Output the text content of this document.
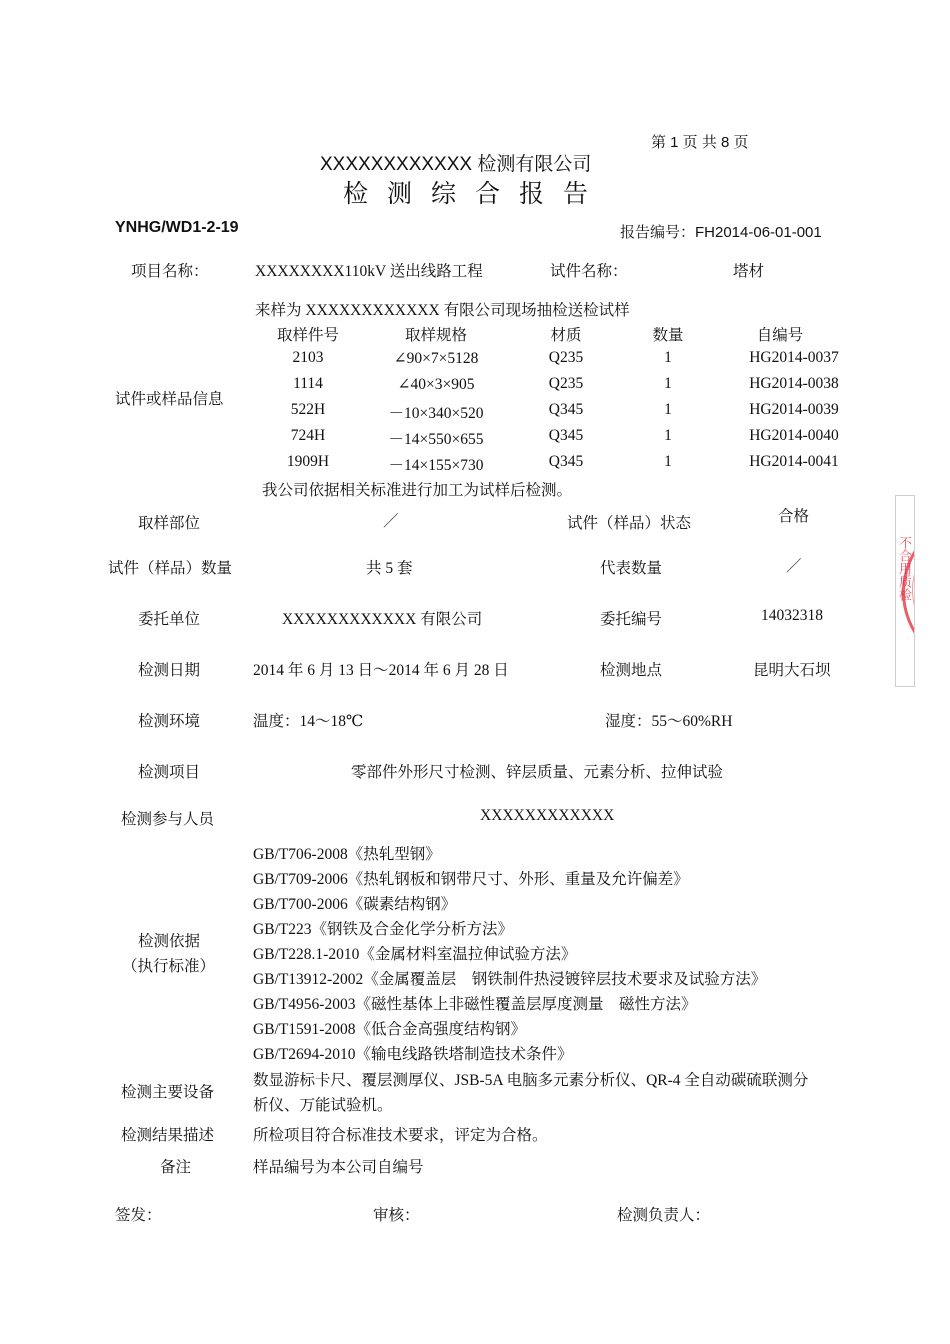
第 1 页 共 8 页
XXXXXXXXXXXX 检测有限公司
检测综合报告
YNHG/WD1-2-19	报告编号：FH2014-06-01-001
项目名称：	XXXXXXXX110kV 送出线路工程	试件名称：	塔材
来样为 XXXXXXXXXXXX 有限公司现场抽检送检试样
试件或样品信息
取样件号	取样规格	材质	数量	自编号
2103	∠90×7×5128	Q235	1	HG2014-0037
1114	∠40×3×905	Q235	1	HG2014-0038
522H	－10×340×520	Q345	1	HG2014-0039
724H	－14×550×655	Q345	1	HG2014-0040
1909H	－14×155×730	Q345	1	HG2014-0041
我公司依据相关标准进行加工为试样后检测。
取样部位	／	试件（样品）状态	合格
试件（样品）数量	共 5 套	代表数量	／
委托单位	XXXXXXXXXXXX 有限公司	委托编号	14032318
检测日期	2014 年 6 月 13 日～2014 年 6 月 28 日	检测地点	昆明大石坝
检测环境	温度：14～18℃	湿度：55～60%RH
检测项目	零部件外形尺寸检测、锌层质量、元素分析、拉伸试验
检测参与人员	XXXXXXXXXXXX
检测依据
（执行标准）
GB/T706-2008《热轧型钢》
GB/T709-2006《热轧钢板和钢带尺寸、外形、重量及允许偏差》
GB/T700-2006《碳素结构钢》
GB/T223《钢铁及合金化学分析方法》
GB/T228.1-2010《金属材料室温拉伸试验方法》
GB/T13912-2002《金属覆盖层　钢铁制件热浸镀锌层技术要求及试验方法》
GB/T4956-2003《磁性基体上非磁性覆盖层厚度测量　磁性方法》
GB/T1591-2008《低合金高强度结构钢》
GB/T2694-2010《输电线路铁塔制造技术条件》
检测主要设备
数显游标卡尺、覆层测厚仪、JSB-5A 电脑多元素分析仪、QR-4 全自动碳硫联测分
析仪、万能试验机。
检测结果描述	所检项目符合标准技术要求，评定为合格。
备注	样品编号为本公司自编号
签发：	审核：	检测负责人：
不合用质检
